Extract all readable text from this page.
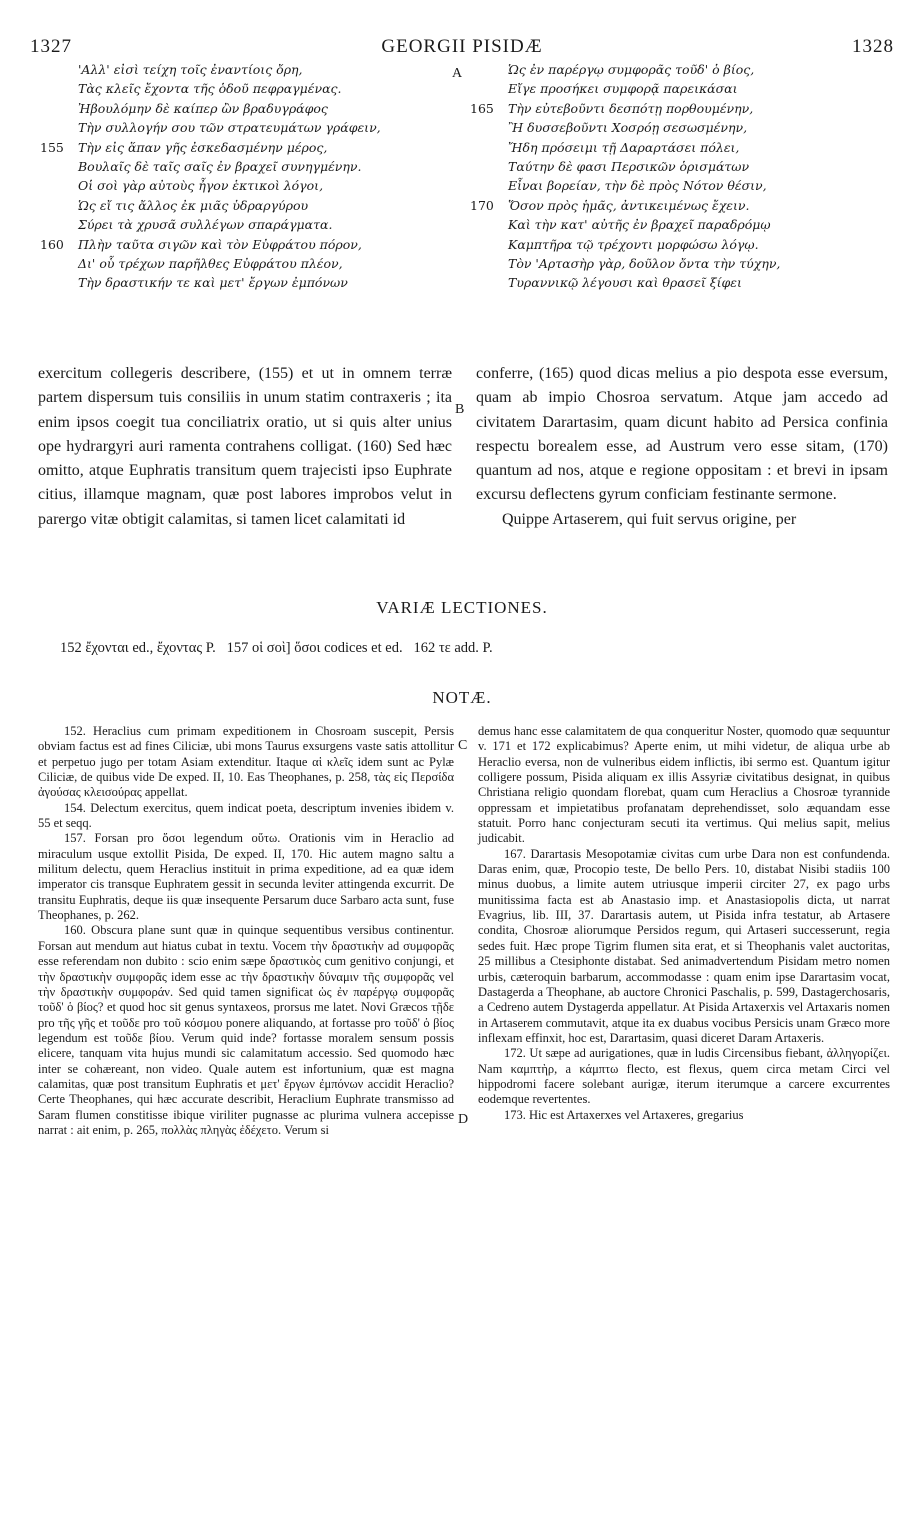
1327	GEORGII PISIDÆ	1328
'Αλλ' εἰσὶ τείχη τοῖς ἐναντίοις ὄρη,
Τὰς κλεῖς ἔχοντα τῆς ὁδοῦ πεφραγμένας.
Ἠβουλόμην δὲ καίπερ ὢν βραδυγράφος
Τὴν συλλογήν σου τῶν στρατευμάτων γράφειν,
155	Τὴν εἰς ἅπαν γῆς ἐσκεδασμένην μέρος,
Βουλαῖς δὲ ταῖς σαῖς ἐν βραχεῖ συνηγμένην.
Οἱ σοὶ γὰρ αὐτοὺς ἦγον ἑκτικοὶ λόγοι,
Ὡς εἴ τις ἄλλος ἐκ μιᾶς ὑδραργύρου
Σύρει τὰ χρυσᾶ συλλέγων σπαράγματα.
160	Πλὴν ταῦτα σιγῶν καὶ τὸν Εὐφράτου πόρον,
Δι' οὗ τρέχων παρῆλθες Εὐφράτου πλέον,
Τὴν δραστικήν τε καὶ μετ' ἔργων ἐμπόνων
Ὡς ἐν παρέργῳ συμφορᾶς τοῦδ' ὁ βίος,
Εἴγε προσήκει συμφορᾷ παρεικάσαι
165	Τὴν εὐτεβοῦντι δεσπότῃ πορθουμένην,
Ἢ δυσσεβοῦντι Χοσρόῃ σεσωσμένην,
Ἤδη πρόσειμι τῇ Δαραρτάσει πόλει,
Ταύτην δὲ φασι Περσικῶν ὁρισμάτων
Εἶναι βορείαν, τὴν δὲ πρὸς Νότον θέσιν,
170	Ὅσον πρὸς ἡμᾶς, ἀντικειμένως ἔχειν.
Καὶ τὴν κατ' αὐτῆς ἐν βραχεῖ παραδρόμῳ
Καμπτῆρα τῷ τρέχοντι μορφώσω λόγῳ.
Τὸν 'Αρτασὴρ γὰρ, δοῦλον ὄντα τὴν τύχην,
Τυραννικῷ λέγουσι καὶ θρασεῖ ξίφει
A

exercitum collegeris describere, (155) et ut in omnem terræ partem dispersum tuis consiliis in unum statim contraxeris ; ita enim ipsos coegit tua conciliatrix oratio, ut si quis alter unius ope hydrargyri auri ramenta contrahens colligat. (160) Sed hæc omitto, atque Euphratis transitum quem trajecisti ipso Euphrate citius, illamque magnam, quæ post labores improbos velut in parergo vitæ obtigit calamitas, si tamen licet calamitati id

B

conferre, (165) quod dicas melius a pio despota esse eversum, quam ab impio Chosroa servatum. Atque jam accedo ad civitatem Darartasim, quam dicunt habito ad Persica confinia respectu borealem esse, ad Austrum vero esse sitam, (170) quantum ad nos, atque e regione oppositam : et brevi in ipsam excursu deflectens gyrum conficiam festinante sermone.

Quippe Artaserem, qui fuit servus origine, per

VARIÆ LECTIONES.
152 ἔχονται ed., ἔχοντας P.   157 οἱ σοὶ] ὅσοι codices et ed.   162 τε add. P.
NOTÆ.

152. Heraclius cum primam expeditionem in Chosroam suscepit, Persis obviam factus est ad fines Ciliciæ, ubi mons Taurus exsurgens vaste satis attollitur et perpetuo jugo per totam Asiam extenditur. Itaque αἱ κλεῖς idem sunt ac Pylæ Ciliciæ, de quibus vide De exped. II, 10. Eas Theophanes, p. 258, τὰς εἰς Περσίδα ἀγούσας κλεισούρας appellat.

154. Delectum exercitus, quem indicat poeta, descriptum invenies ibidem v. 55 et seqq.

157. Forsan pro ὅσοι legendum οὕτω. Orationis vim in Heraclio ad miraculum usque extollit Pisida, De exped. II, 170. Hic autem magno saltu a militum delectu, quem Heraclius instituit in prima expeditione, ad ea quæ idem imperator cis transque Euphratem gessit in secunda leviter attingenda excurrit. De transitu Euphratis, deque iis quæ insequente Persarum duce Sarbaro acta sunt, fuse Theophanes, p. 262.

160. Obscura plane sunt quæ in quinque sequentibus versibus continentur. Forsan aut mendum aut hiatus cubat in textu. Vocem τὴν δραστικὴν ad συμφορᾶς esse referendam non dubito : scio enim sæpe δραστικὸς cum genitivo conjungi, et τὴν δραστικὴν συμφορᾶς idem esse ac τὴν δραστικὴν δύναμιν τῆς συμφορᾶς vel τὴν δραστικὴν συμφοράν. Sed quid tamen significat ὡς ἐν παρέργῳ συμφορᾶς τοῦδ' ὁ βίος? et quod hoc sit genus syntaxeos, prorsus me latet. Novi Græcos τῇδε pro τῆς γῆς et τοῦδε pro τοῦ κόσμου ponere aliquando, at fortasse pro τοῦδ' ὁ βίος legendum est τοῦδε βίου. Verum quid inde? fortasse moralem sensum possis elicere, tanquam vita hujus mundi sic calamitatum accessio. Sed quomodo hæc inter se cohæreant, non video. Quale autem est infortunium, quæ est magna calamitas, quæ post transitum Euphratis et μετ' ἔργων ἐμπόνων accidit Heraclio? Certe Theophanes, qui hæc accurate describit, Heraclium Euphrate transmisso ad Saram flumen constitisse ibique viriliter pugnasse ac plurima vulnera accepisse narrat : ait enim, p. 265, πολλὰς πληγὰς ἐδέχετο. Verum si

C
D

demus hanc esse calamitatem de qua conqueritur Noster, quomodo quæ sequuntur v. 171 et 172 explicabimus? Aperte enim, ut mihi videtur, de aliqua urbe ab Heraclio eversa, non de vulneribus eidem inflictis, ibi sermo est. Quantum igitur colligere possum, Pisida aliquam ex illis Assyriæ civitatibus designat, in quibus Christiana religio quondam florebat, quam cum Heraclius a Chosroæ tyrannide oppressam et impietatibus profanatam deprehendisset, solo æquandam esse statuit. Porro hanc conjecturam secuti ita vertimus. Qui melius sapit, melius judicabit.

167. Darartasis Mesopotamiæ civitas cum urbe Dara non est confundenda. Daras enim, quæ, Procopio teste, De bello Pers. 10, distabat Nisibi stadiis 100 minus duobus, a limite autem utriusque imperii circiter 27, ex pago urbs munitissima facta est ab Anastasio imp. et Anastasiopolis dicta, ut narrat Evagrius, lib. III, 37. Darartasis autem, ut Pisida infra testatur, ab Artasere condita, Chosroæ aliorumque Persidos regum, qui Artaseri successerunt, regia sedes fuit. Hæc prope Tigrim flumen sita erat, et si Theophanis valet auctoritas, 25 millibus a Ctesiphonte distabat. Sed animadvertendum Pisidam metro nomen urbis, cæteroquin barbarum, accommodasse : quam enim ipse Darartasim vocat, Dastagerda a Theophane, ab auctore Chronici Paschalis, p. 599, Dastagerchosaris, a Cedreno autem Dystagerda appellatur. At Pisida Artaxerxis vel Artaxaris nomen in Artaserem commutavit, atque ita ex duabus vocibus Persicis unam Græco more inflexam effinxit, hoc est, Darartasim, quasi diceret Daram Artaxeris.

172. Ut sæpe ad aurigationes, quæ in ludis Circensibus fiebant, ἀλληγορίζει. Nam καμπτὴρ, a κάμπτω flecto, est flexus, quem circa metam Circi vel hippodromi facere solebant aurigæ, iterum iterumque a carcere excurrentes eodemque revertentes.

173. Hic est Artaxerxes vel Artaxeres, gregarius
